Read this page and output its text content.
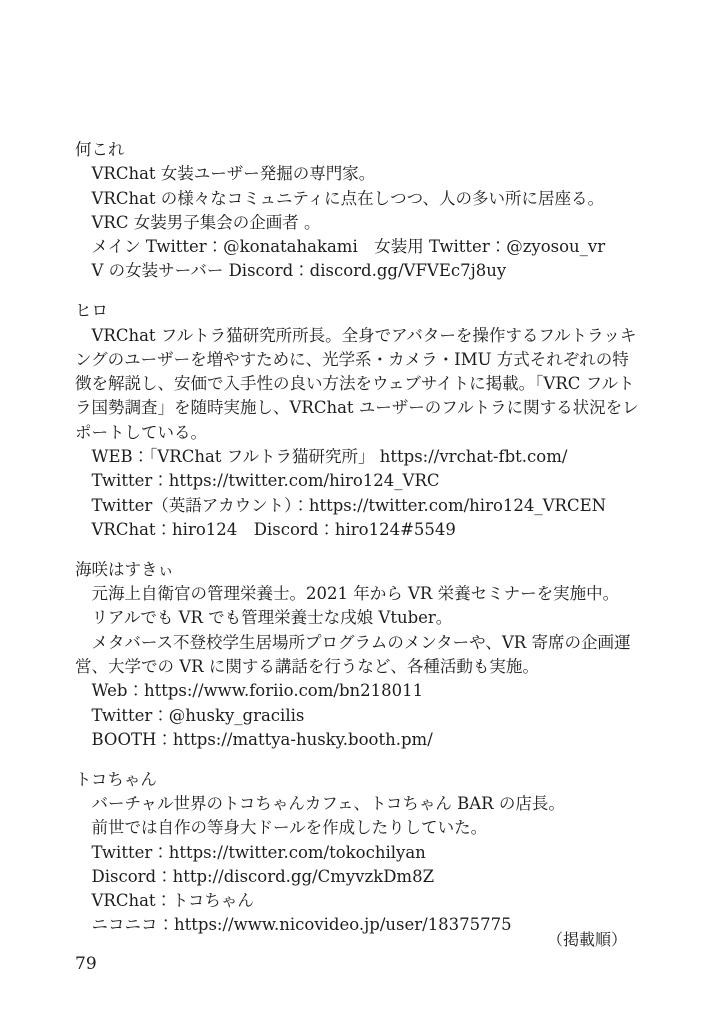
何これ
VRChat 女装ユーザー発掘の専門家。
VRChat の様々なコミュニティに点在しつつ、人の多い所に居座る。
VRC 女装男子集会の企画者 。
メイン Twitter：@konatahakami　女装用 Twitter：@zyosou_vr
V の女装サーバー Discord：discord.gg/VFVEc7j8uy
ヒロ
VRChat フルトラ猫研究所所長。全身でアバターを操作するフルトラッキ
ングのユーザーを増やすために、光学系・カメラ・IMU 方式それぞれの特
徴を解説し、安価で入手性の良い方法をウェブサイトに掲載。「VRC フルト
ラ国勢調査」を随時実施し、VRChat ユーザーのフルトラに関する状況をレ
ポートしている。
WEB：「VRChat フルトラ猫研究所」 https://vrchat-fbt.com/
Twitter：https://twitter.com/hiro124_VRC
Twitter（英語アカウント）：https://twitter.com/hiro124_VRCEN
VRChat：hiro124　Discord：hiro124#5549
海咲はすきぃ
元海上自衛官の管理栄養士。2021 年から VR 栄養セミナーを実施中。
リアルでも VR でも管理栄養士な戌娘 Vtuber。
メタバース不登校学生居場所プログラムのメンターや、VR 寄席の企画運
営、大学での VR に関する講話を行うなど、各種活動も実施。
Web：https://www.foriio.com/bn218011
Twitter：@husky_gracilis
BOOTH：https://mattya-husky.booth.pm/
トコちゃん
バーチャル世界のトコちゃんカフェ、トコちゃん BAR の店長。
前世では自作の等身大ドールを作成したりしていた。
Twitter：https://twitter.com/tokochilyan
Discord：http://discord.gg/CmyvzkDm8Z
VRChat：トコちゃん
ニコニコ：https://www.nicovideo.jp/user/18375775
（掲載順）
79
